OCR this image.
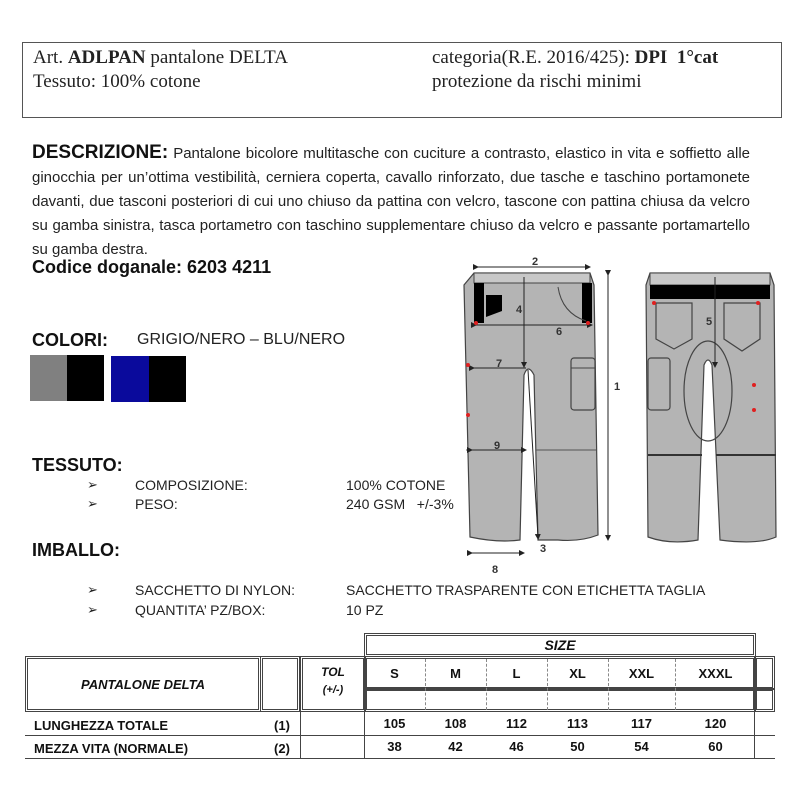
Art. ADLPAN pantalone DELTA
Tessuto: 100% cotone
categoria(R.E. 2016/425): DPI  1°cat
protezione da rischi minimi
DESCRIZIONE: Pantalone bicolore multitasche con cuciture a contrasto, elastico in vita e soffietto alle ginocchia per un’ottima vestibilità, cerniera coperta, cavallo rinforzato, due tasche e taschino portamonete davanti, due tasconi posteriori di cui uno chiuso da pattina con velcro, tascone con pattina chiusa da velcro su gamba sinistra, tasca portametro con taschino supplementare chiuso da velcro e passante portamartello su gamba destra.
Codice doganale: 6203 4211
COLORI: GRIGIO/NERO – BLU/NERO
TESSUTO:
➢	COMPOSIZIONE:	100% COTONE
➢	PESO:	240 GSM   +/-3%
IMBALLO:
➢	SACCHETTO DI NYLON:	SACCHETTO TRASPARENTE CON ETICHETTA TAGLIA
➢	QUANTITA’ PZ/BOX:	10 PZ
2
1
3
4
5
6
7
8
9
SIZE
PANTALONE DELTA
TOL
(+/-)
S	M	L	XL	XXL	XXXL
LUNGHEZZA TOTALE	(1)	105	108	112	113	117	120
MEZZA VITA (NORMALE)	(2)	38	42	46	50	54	60
